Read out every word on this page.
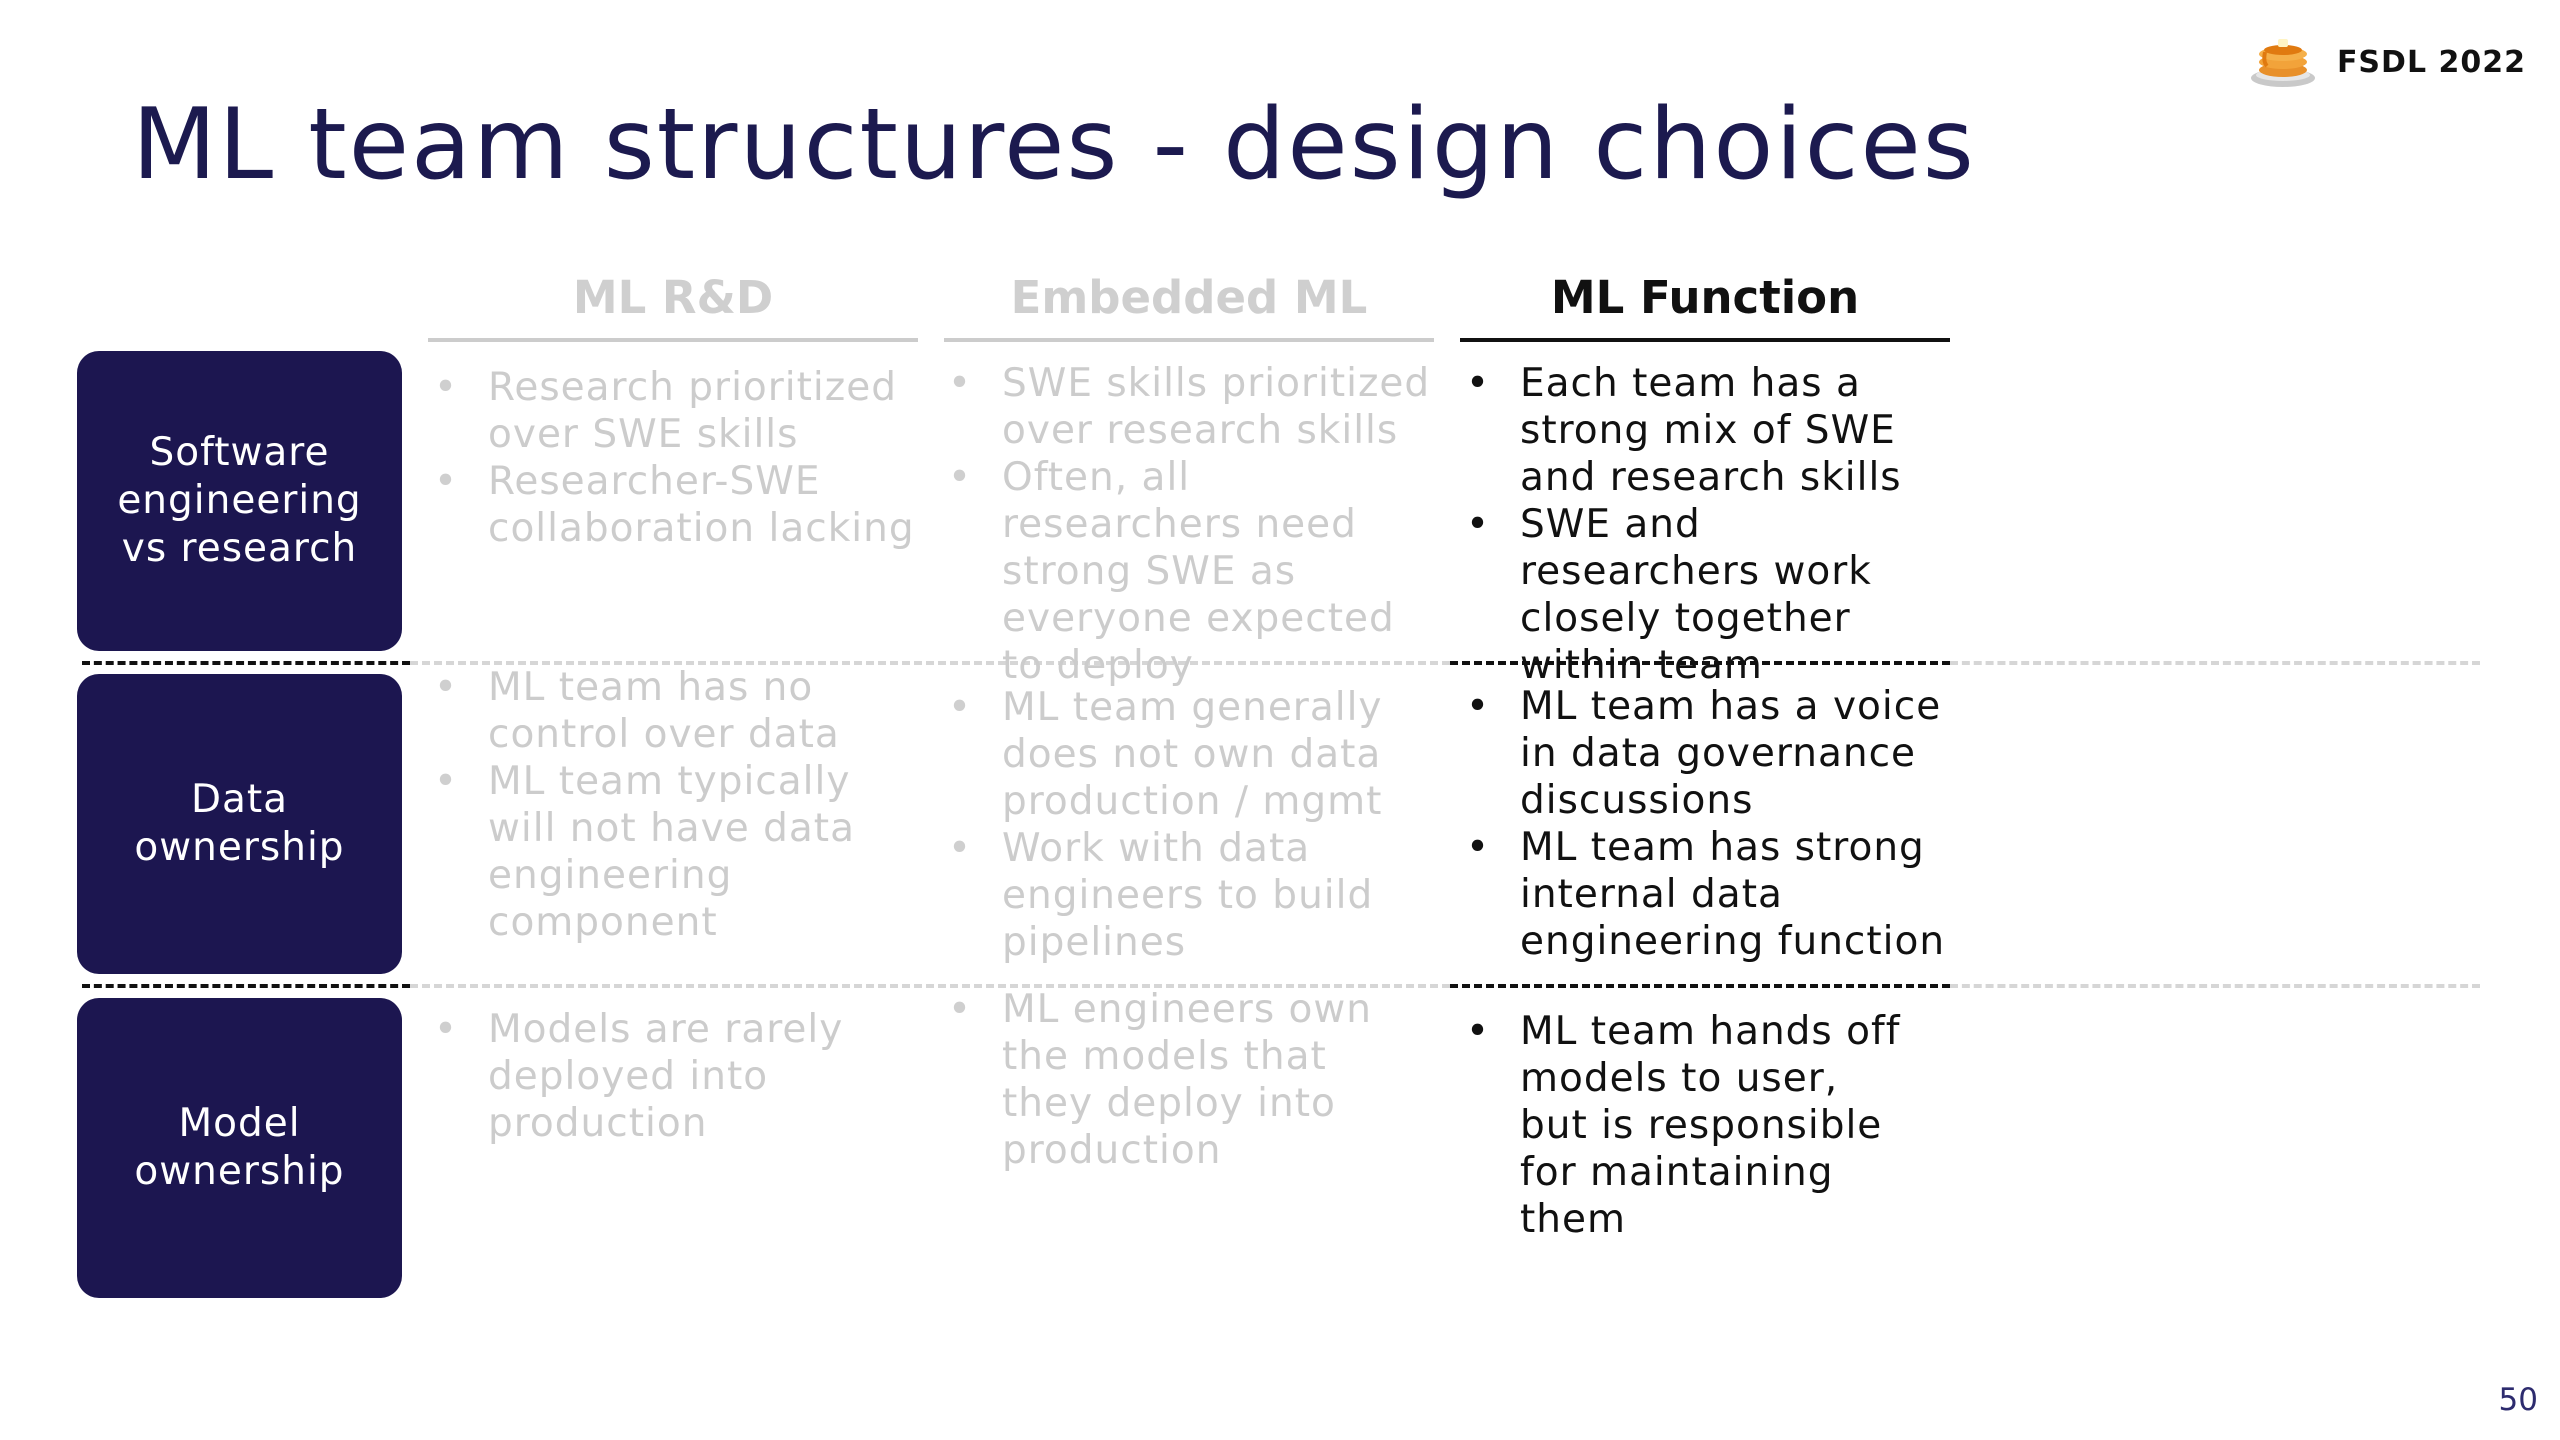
FSDL 2022
ML team structures - design choices
ML R&D	Embedded ML	ML Function
Software engineering vs research
Data ownership
Model ownership
• Research prioritized over SWE skills
• Researcher-SWE collaboration lacking
• SWE skills prioritized over research skills
• Often, all researchers need strong SWE as everyone expected to deploy
• Each team has a strong mix of SWE and research skills
• SWE and researchers work closely together within team
• ML team has no control over data
• ML team typically will not have data engineering component
• ML team generally does not own data production / mgmt
• Work with data engineers to build pipelines
• ML team has a voice in data governance discussions
• ML team has strong internal data engineering function
• Models are rarely deployed into production
• ML engineers own the models that they deploy into production
• ML team hands off models to user, but is responsible for maintaining them
50
